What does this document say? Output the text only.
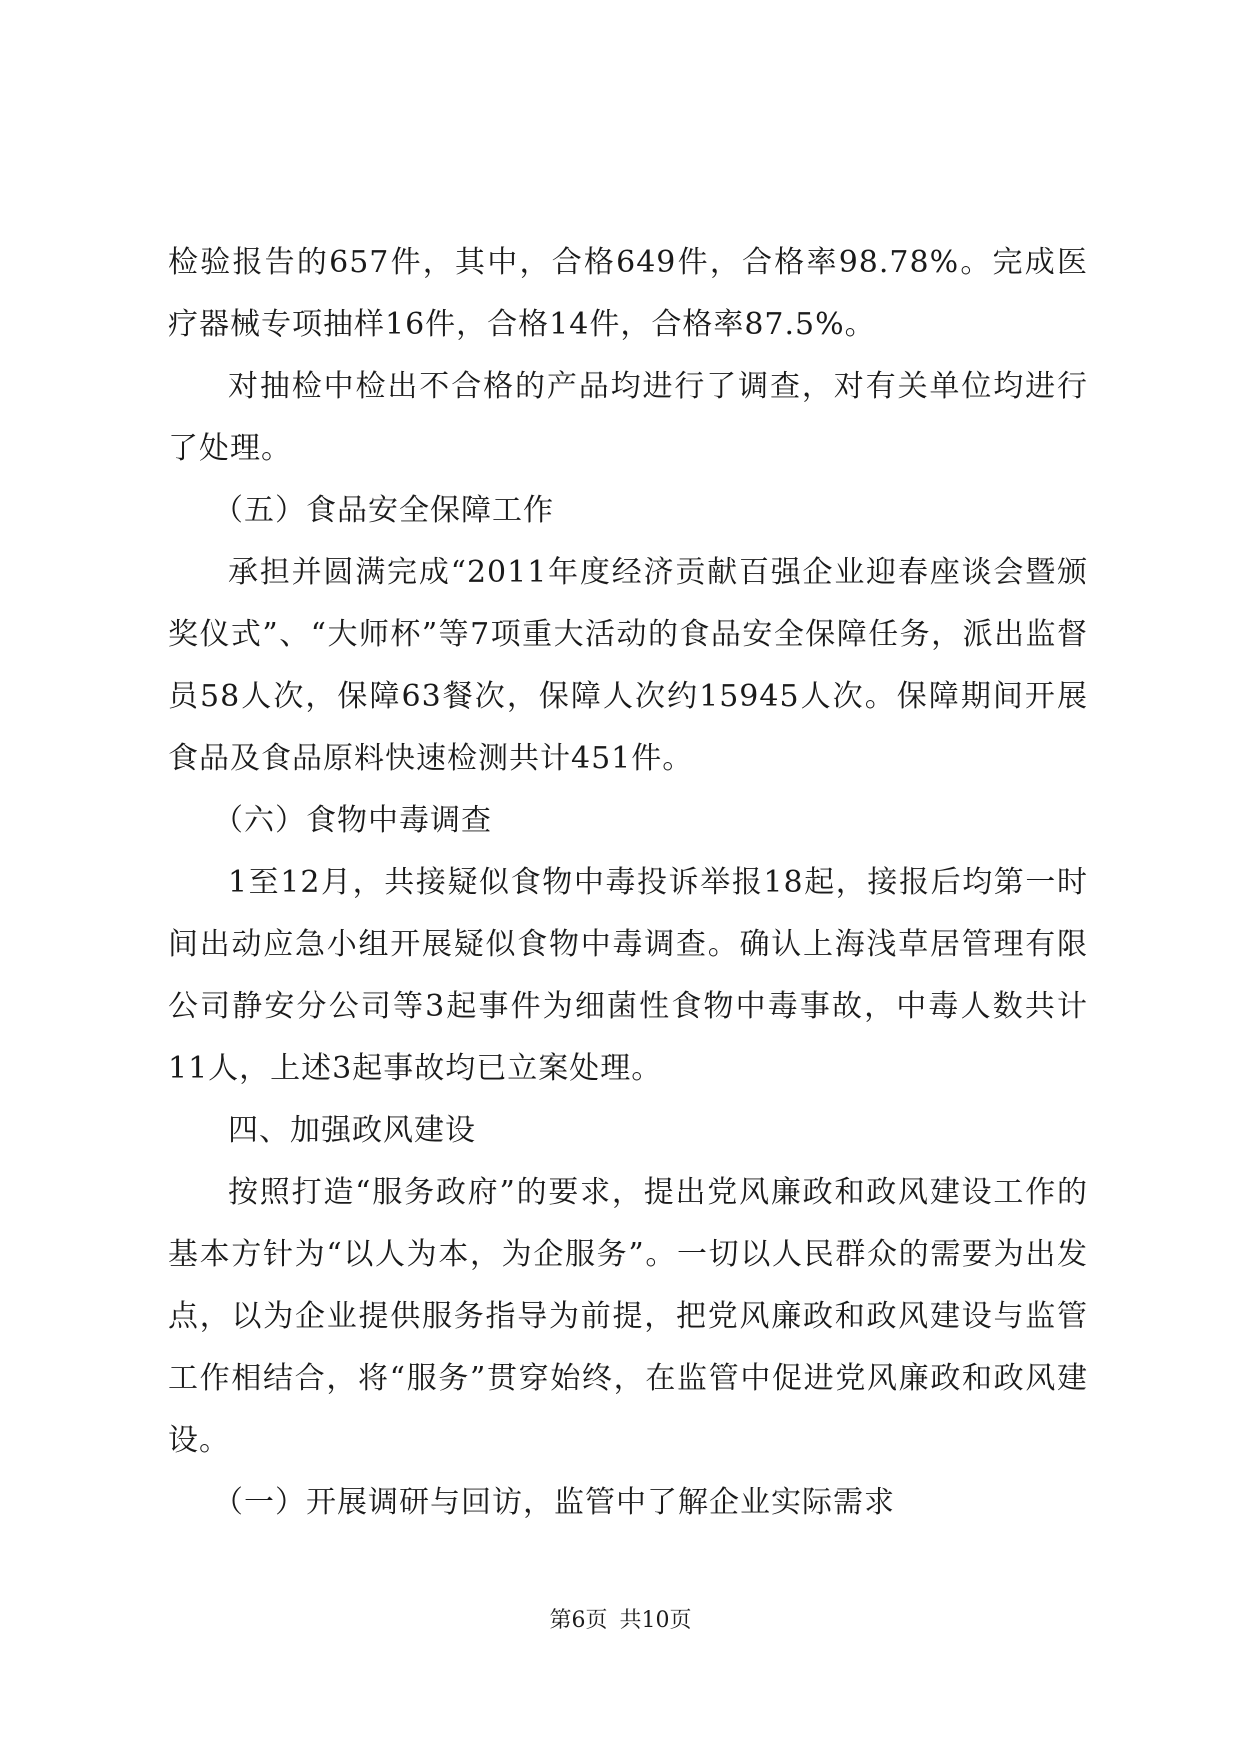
检验报告的657件，其中，合格649件，合格率98.78%。完成医疗器械专项抽样16件，合格14件，合格率87.5%。

对抽检中检出不合格的产品均进行了调查，对有关单位均进行了处理。

（五）食品安全保障工作

承担并圆满完成“2011年度经济贡献百强企业迎春座谈会暨颁奖仪式”、“大师杯”等7项重大活动的食品安全保障任务，派出监督员58人次，保障63餐次，保障人次约15945人次。保障期间开展食品及食品原料快速检测共计451件。

（六）食物中毒调查

1至12月，共接疑似食物中毒投诉举报18起，接报后均第一时间出动应急小组开展疑似食物中毒调查。确认上海浅草居管理有限公司静安分公司等3起事件为细菌性食物中毒事故，中毒人数共计11人，上述3起事故均已立案处理。

四、加强政风建设

按照打造“服务政府”的要求，提出党风廉政和政风建设工作的基本方针为“以人为本，为企服务”。一切以人民群众的需要为出发点，以为企业提供服务指导为前提，把党风廉政和政风建设与监管工作相结合，将“服务”贯穿始终，在监管中促进党风廉政和政风建设。

（一）开展调研与回访，监管中了解企业实际需求

第6页 共10页
